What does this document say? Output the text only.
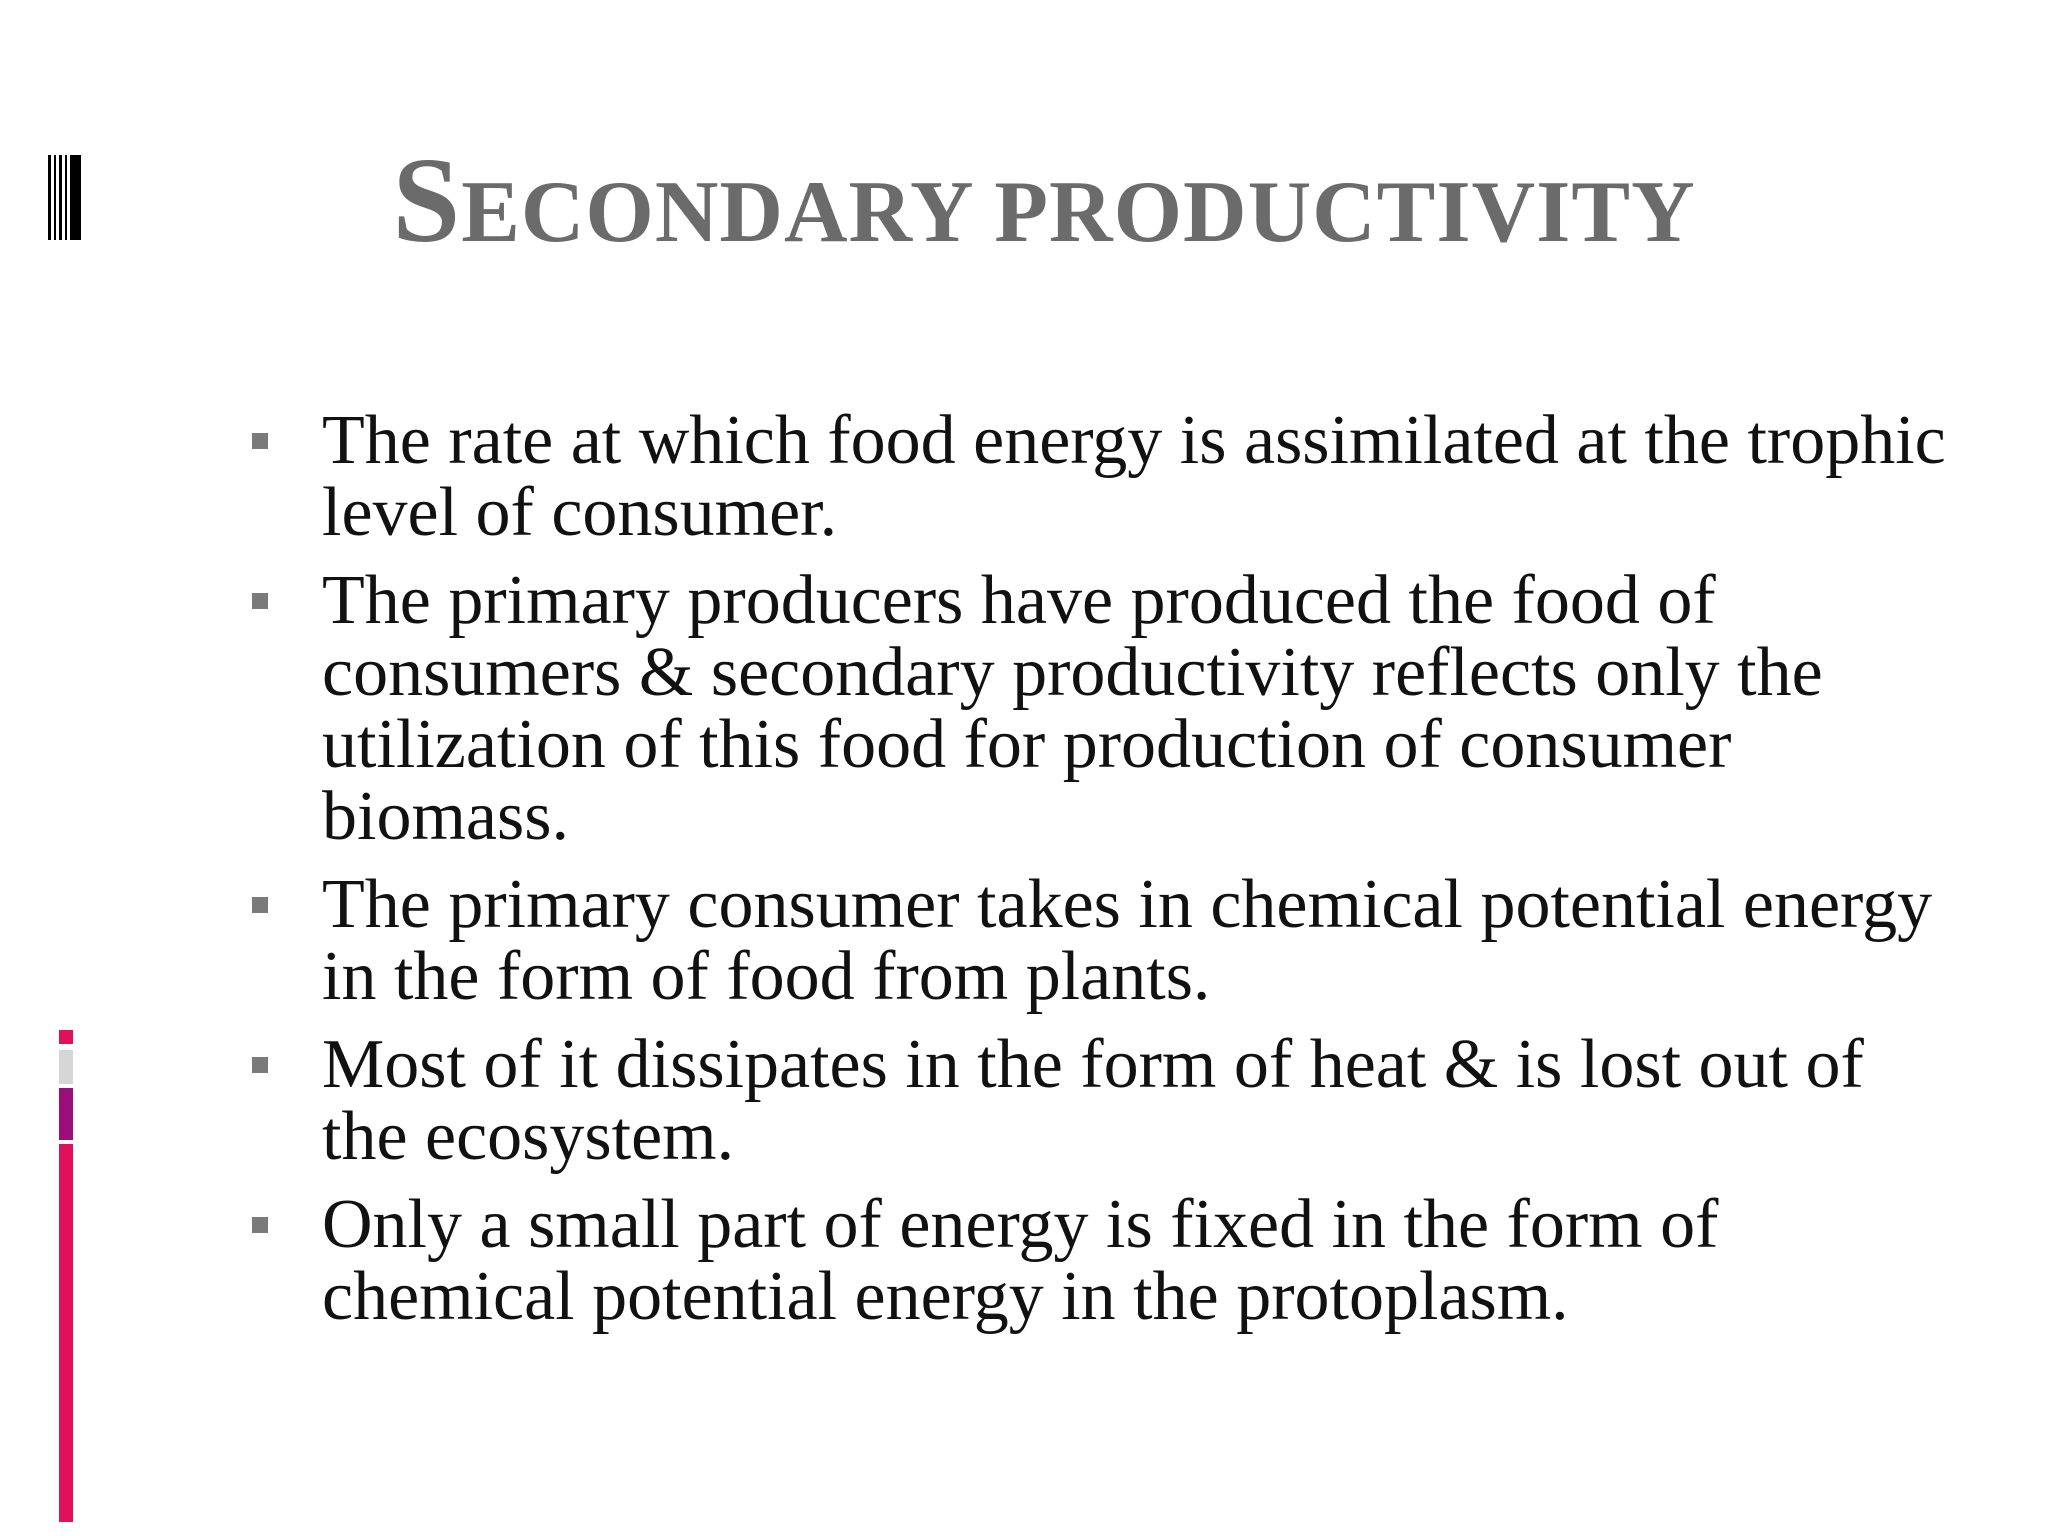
SECONDARY PRODUCTIVITY
The rate at which food energy is assimilated at the trophic level of consumer.
The primary producers have produced the food of consumers & secondary productivity reflects only the utilization of this food for production of consumer biomass.
The primary consumer takes in chemical potential energy in the form of food from plants.
Most of it dissipates in the form of heat & is lost out of the ecosystem.
Only a small part of energy is fixed in the form of chemical potential energy in the protoplasm.
